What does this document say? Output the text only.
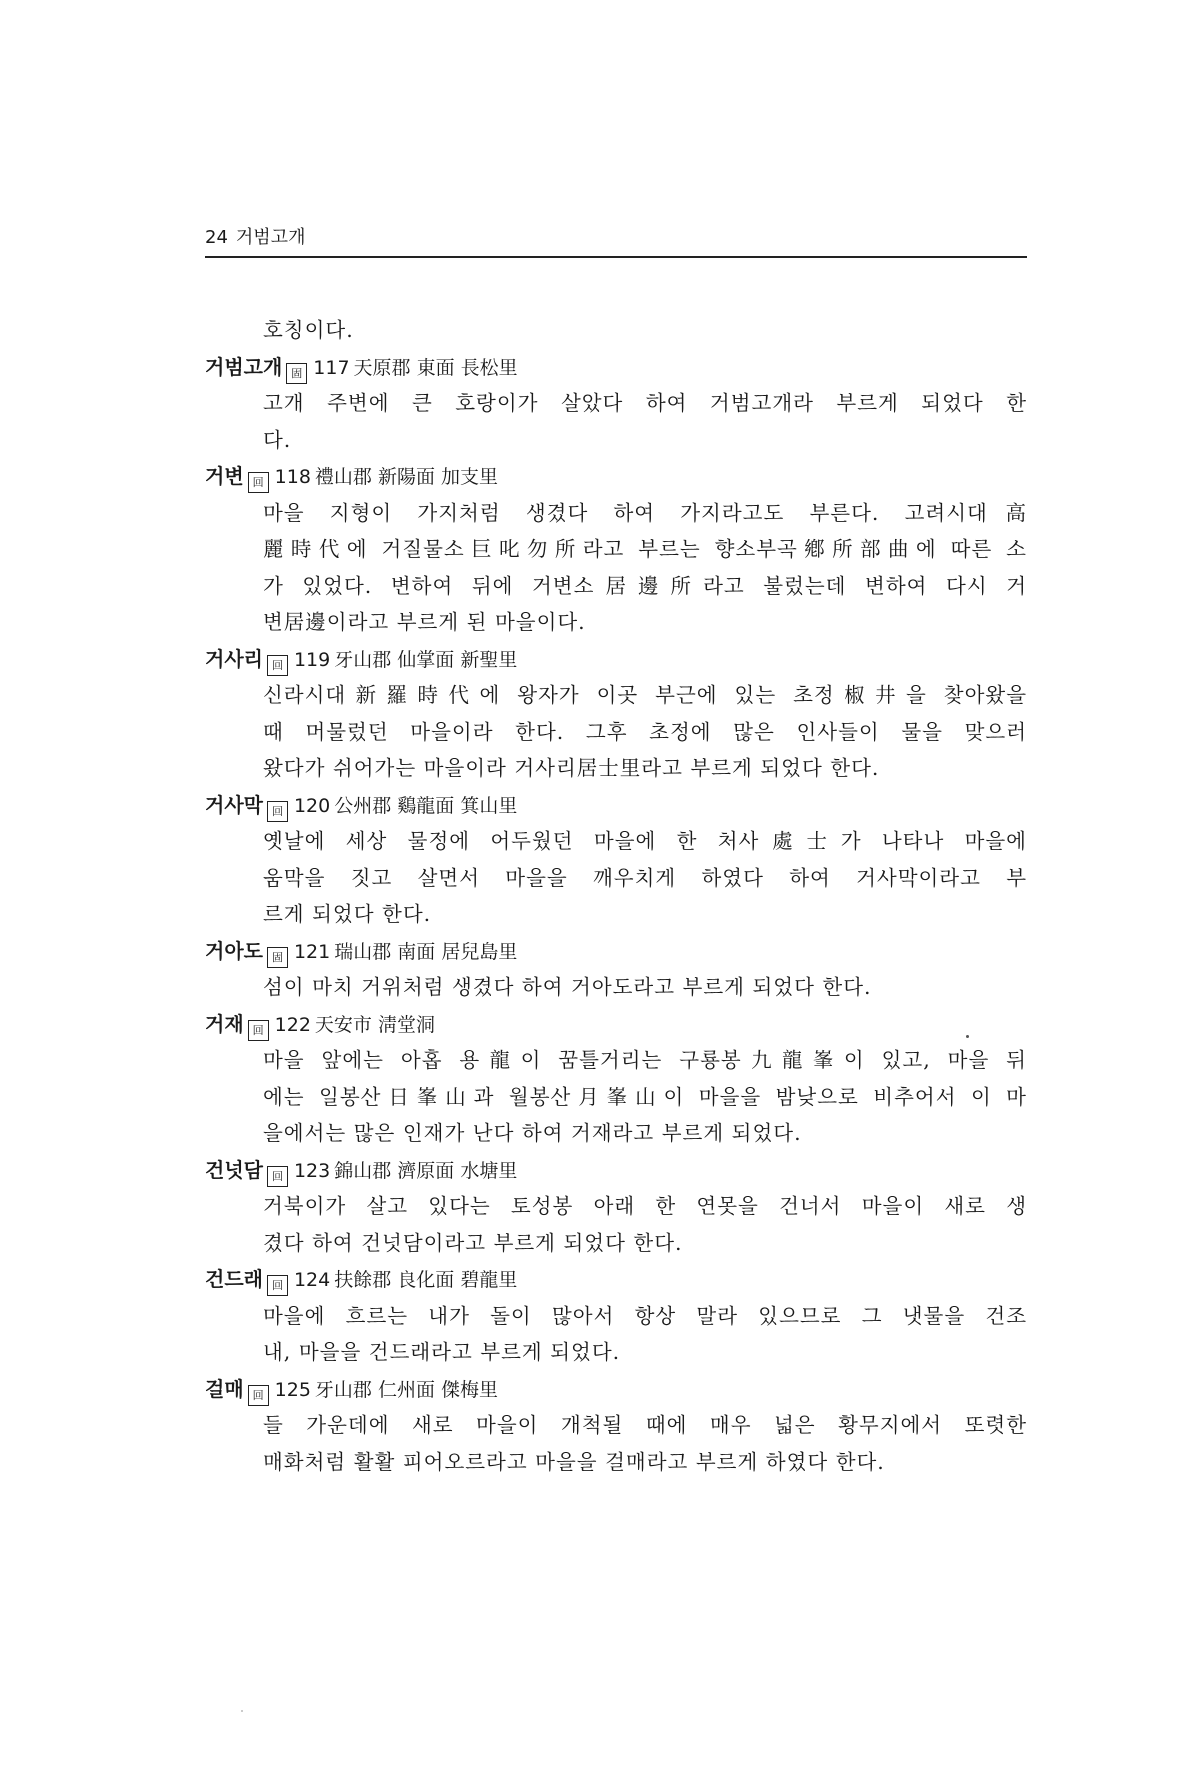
24 거범고개
호칭이다.
거범고개 固 117 天原郡 東面 長松里
고개 주변에 큰 호랑이가 살았다 하여 거범고개라 부르게 되었다 한
다.
거변 回 118 禮山郡 新陽面 加支里
마을 지형이 가지처럼 생겼다 하여 가지라고도 부른다. 고려시대高
麗時代에 거질물소巨叱勿所라고 부르는 향소부곡鄕所部曲에 따른 소
가 있었다. 변하여 뒤에 거변소居邊所라고 불렀는데 변하여 다시 거
변居邊이라고 부르게 된 마을이다.
거사리 回 119 牙山郡 仙掌面 新聖里
신라시대新羅時代에 왕자가 이곳 부근에 있는 초정椒井을 찾아왔을
때 머물렀던 마을이라 한다. 그후 초정에 많은 인사들이 물을 맞으러
왔다가 쉬어가는 마을이라 거사리居士里라고 부르게 되었다 한다.
거사막 回 120 公州郡 鷄龍面 箕山里
옛날에 세상 물정에 어두웠던 마을에 한 처사處士가 나타나 마을에
움막을 짓고 살면서 마을을 깨우치게 하였다 하여 거사막이라고 부
르게 되었다 한다.
거아도 固 121 瑞山郡 南面 居兒島里
섬이 마치 거위처럼 생겼다 하여 거아도라고 부르게 되었다 한다.
거재 回 122 天安市 淸堂洞
마을 앞에는 아홉 용龍이 꿈틀거리는 구룡봉九龍峯이 있고, 마을 뒤
에는 일봉산日峯山과 월봉산月峯山이 마을을 밤낮으로 비추어서 이 마
을에서는 많은 인재가 난다 하여 거재라고 부르게 되었다.
건넛담 回 123 錦山郡 濟原面 水塘里
거북이가 살고 있다는 토성봉 아래 한 연못을 건너서 마을이 새로 생
겼다 하여 건넛담이라고 부르게 되었다 한다.
건드래 回 124 扶餘郡 良化面 碧龍里
마을에 흐르는 내가 돌이 많아서 항상 말라 있으므로 그 냇물을 건조
내, 마을을 건드래라고 부르게 되었다.
걸매 回 125 牙山郡 仁州面 傑梅里
들 가운데에 새로 마을이 개척될 때에 매우 넓은 황무지에서 또렷한
매화처럼 활활 피어오르라고 마을을 걸매라고 부르게 하였다 한다.
